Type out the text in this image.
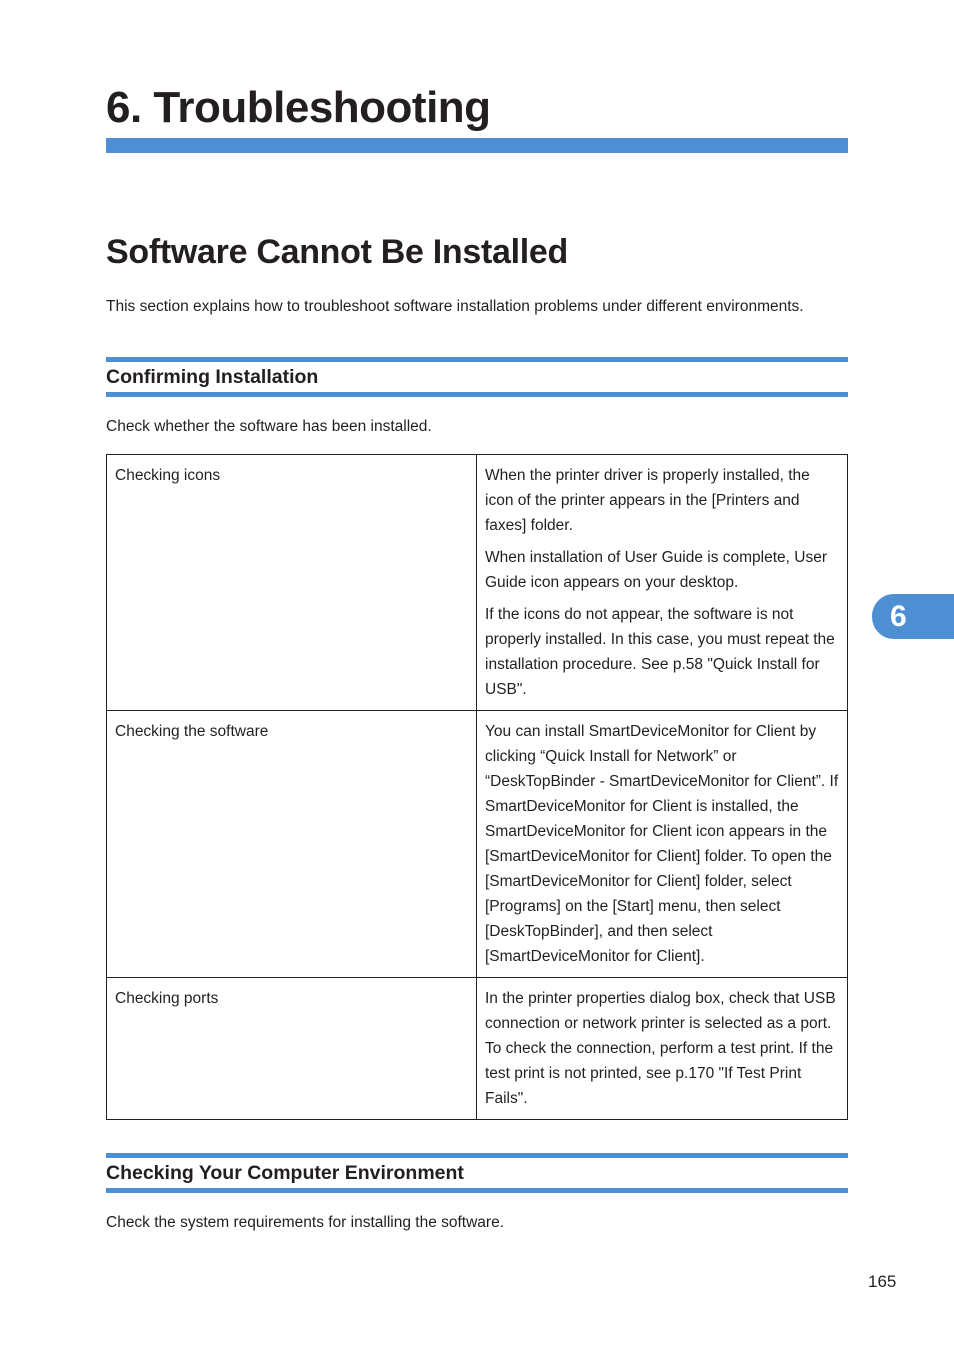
6. Troubleshooting
Software Cannot Be Installed

This section explains how to troubleshoot software installation problems under different environments.

Confirming Installation

Check whether the software has been installed.

Checking icons	When the printer driver is properly installed, the icon of the printer appears in the [Printers and faxes] folder.

When installation of User Guide is complete, User Guide icon appears on your desktop.

If the icons do not appear, the software is not properly installed. In this case, you must repeat the installation procedure. See p.58 "Quick Install for USB".

Checking the software	You can install SmartDeviceMonitor for Client by clicking “Quick Install for Network” or “DeskTopBinder - SmartDeviceMonitor for Client”. If SmartDeviceMonitor for Client is installed, the SmartDeviceMonitor for Client icon appears in the [SmartDeviceMonitor for Client] folder. To open the [SmartDeviceMonitor for Client] folder, select [Programs] on the [Start] menu, then select [DeskTopBinder], and then select [SmartDeviceMonitor for Client].

Checking ports	In the printer properties dialog box, check that USB connection or network printer is selected as a port. To check the connection, perform a test print. If the test print is not printed, see p.170 "If Test Print Fails".

Checking Your Computer Environment

Check the system requirements for installing the software.

6

165
